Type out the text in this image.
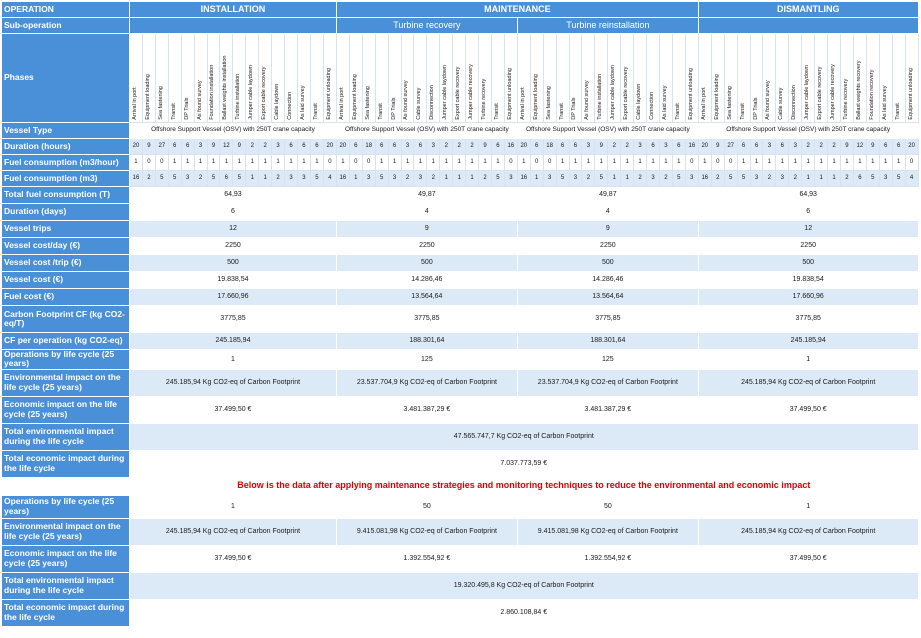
OPERATION	INSTALLATION																MAINTENANCE																												DISMANTLING																
Sub-operation																	Turbine recovery														Turbine reinstallation																														
Phases	Arrival in port	Equipment loading	Sea fastening	Transit	DP Trials	As found survey	Foundation installation	Ballast weights installation	Turbine installation	Jumper cable laydown	Export cable recovery	Cable laydown	Connection	As laid survey	Transit	Equipment unloading	Arrival in port	Equipment loading	Sea fastening	Transit	DP Trials	As found survey	Cable survey	Disconnection	Jumper cable laydown	Export cable recovery	Jumper cable recovery	Turbine recovery	Transit	Equipment unloading	Arrival in port	Equipment loading	Sea fastening	Transit	DP Trials	As found survey	Turbine installation	Jumper cable laydown	Export cable recovery	Cable laydown	Connection	As laid survey	Transit	Equipment unloading	Arrival in port	Equipment loading	Sea fastening	Transit	DP Trials	As found survey	Cable survey	Disconnection	Jumper cable laydown	Export cable recovery	Jumper cable recovery	Turbine recovery	Ballast weights recovery	Foundation recovery	As laid survey	Transit	Equipment unloading

Vessel Type	Offshore Support Vessel (OSV) with 250T crane capacity																Offshore Support Vessel (OSV) with 250T crane capacity														Offshore Support Vessel (OSV) with 250T crane capacity														Offshore Support Vessel (OSV) with 250T crane capacity																
Duration (hours)	20	9	27	6	6	3	9	12	9	2	2	3	6	6	6	20	20	6	18	6	6	3	6	3	2	2	2	9	6	16	20	6	18	6	6	3	9	2	2	3	6	3	6	16	20	9	27	6	6	3	6	3	2	2	2	9	12	9	6	6	20
Fuel consumption (m3/hour)	1	0	0	1	1	1	1	1	1	1	1	1	1	1	1	0	1	0	0	1	1	1	1	1	1	1	1	1	1	0	1	0	0	1	1	1	1	1	1	1	1	1	1	0	1	0	0	1	1	1	1	1	1	1	1	1	1	1	1	1	0
Fuel consumption (m3)	16	2	5	5	3	2	5	6	5	1	1	2	3	3	5	4	16	1	3	5	3	2	3	2	1	1	1	2	5	3	16	1	3	5	3	2	5	1	1	2	3	2	5	3	16	2	5	5	3	2	3	2	1	1	1	2	6	5	3	5	4
Total fuel consumption (T)	64,93																49,87														49,87														64,93																
Duration (days)	6																4														4														6																
Vessel trips	12																9														9														12																
Vessel cost/day (€)	2250																2250														2250														2250																
Vessel cost /trip (€)	500																500														500														500																
Vessel cost (€)	19.838,54																14.286,46														14.286,46														19.838,54																
Fuel cost (€)	17.660,96																13.564,64														13.564,64														17.660,96																
Carbon Footprint CF (kg CO2-eq/T)	3775,85																3775,85														3775,85														3775,85																
CF per operation (kg CO2-eq)	245.185,94																188.301,64														188.301,64														245.185,94																
Operations by life cycle (25 years)	1																125														125														1																
Environmental impact on the life cycle (25 years)	245.185,94 Kg CO2-eq of Carbon Footprint																23.537.704,9 Kg CO2-eq of Carbon Footprint														23.537.704,9 Kg CO2-eq of Carbon Footprint														245.185,94 Kg CO2-eq of Carbon Footprint																
Economic impact on the life cycle (25 years)	37.499,50 €																3.481.387,29 €														3.481.387,29 €														37.499,50 €																
Total environmental impact during the life cycle	47.565.747,7 Kg CO2-eq of Carbon Footprint																																																												
Total economic impact during the life cycle	7.037.773,59 €																																																												
	Below is the data after applying maintenance strategies and monitoring techniques to reduce the environmental and economic impact																																																												
Operations by life cycle (25 years)	1																50														50														1																
Environmental impact on the life cycle (25 years)	245.185,94 Kg CO2-eq of Carbon Footprint																9.415.081,98 Kg CO2-eq of Carbon Footprint														9.415.081,98 Kg CO2-eq of Carbon Footprint														245.185,94 Kg CO2-eq of Carbon Footprint																
Economic impact on the life cycle (25 years)	37.499,50 €																1.392.554,92 €														1.392.554,92 €														37.499,50 €																
Total environmental impact during the life cycle	19.320.495,8 Kg CO2-eq of Carbon Footprint																																																												
Total economic impact during the life cycle	2.860.108,84 €																																																												
